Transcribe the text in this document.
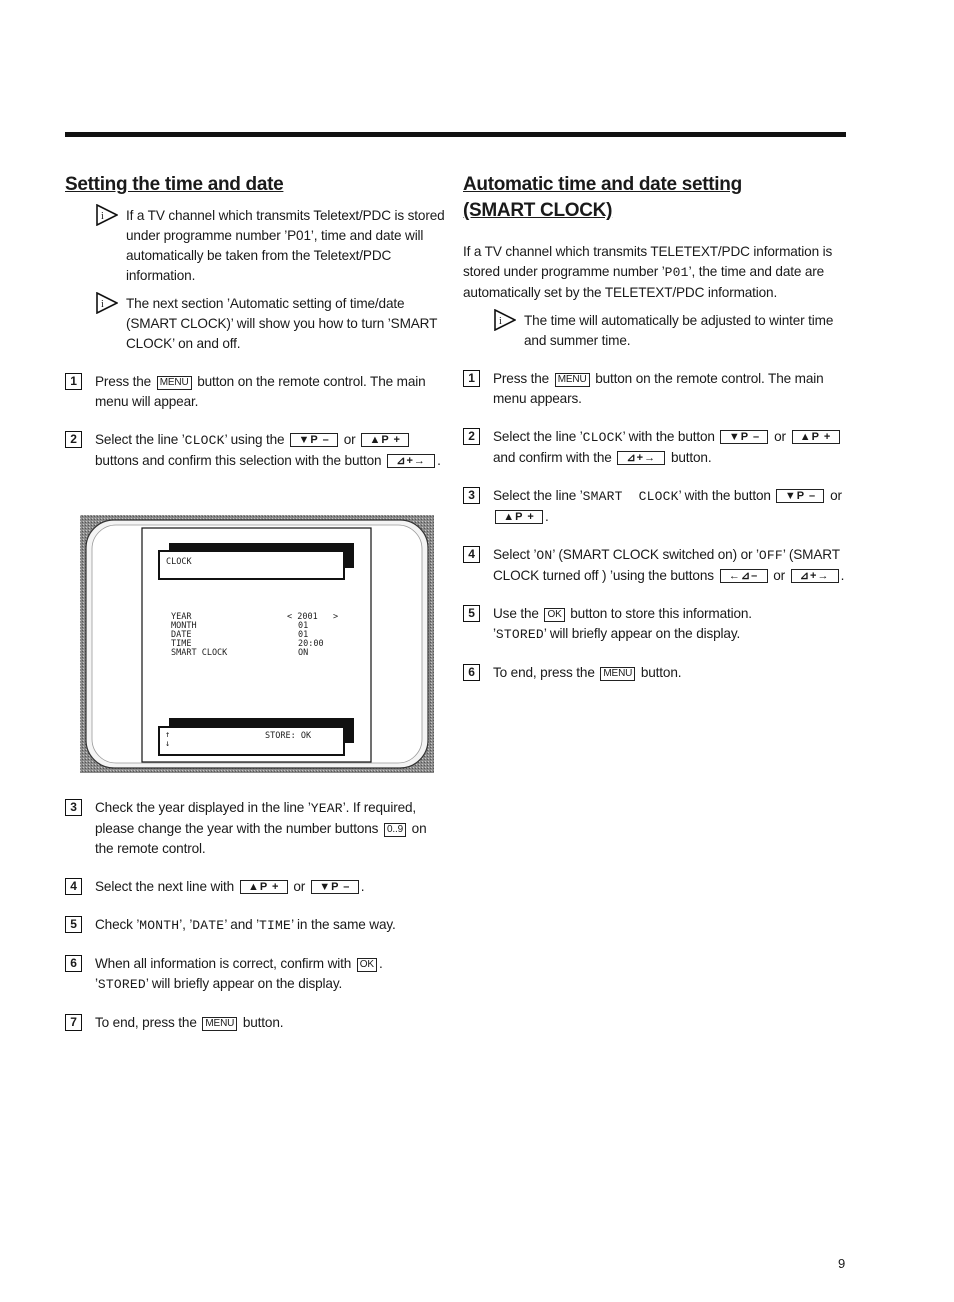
Setting the time and date
i If a TV channel which transmits Teletext/PDC is stored under programme number ’P01’, time and date will automatically be taken from the Teletext/PDC information.
i The next section ’Automatic setting of time/date (SMART CLOCK)’ will show you how to turn ’SMART CLOCK’ on and off.
1	Press the MENU button on the remote control. The main menu will appear.
2	Select the line ’CLOCK’ using the ▼P – or ▲P + buttons and confirm this selection with the button ⊿+→ .
CLOCK
YEAR	< 2001   >
MONTH	01
DATE	01
TIME	20:00
SMART CLOCK	ON
↑
↓
STORE: OK
3	Check the year displayed in the line ’YEAR’. If required, please change the year with the number buttons 0..9 on the remote control.
4	Select the next line with ▲P + or ▼P – .
5	Check ’MONTH’, ’DATE’ and ’TIME’ in the same way.
6	When all information is correct, confirm with OK .
’STORED’ will briefly appear on the display.
7	To end, press the MENU button.
Automatic time and date setting
(SMART CLOCK)
If a TV channel which transmits TELETEXT/PDC information is stored under programme number ’P01’, the time and date are automatically set by the TELETEXT/PDC information.
i The time will automatically be adjusted to winter time and summer time.
1	Press the MENU button on the remote control. The main menu appears.
2	Select the line ’CLOCK’ with the button ▼P – or ▲P + and confirm with the ⊿+→ button.
3	Select the line ’SMART  CLOCK’ with the button ▼P – or ▲P + .
4	Select ’ON’ (SMART CLOCK switched on) or ’OFF’ (SMART CLOCK turned off ) ’using the buttons ←⊿– or ⊿+→ .
5	Use the OK button to store this information.
’STORED’ will briefly appear on the display.
6	To end, press the MENU button.
9
